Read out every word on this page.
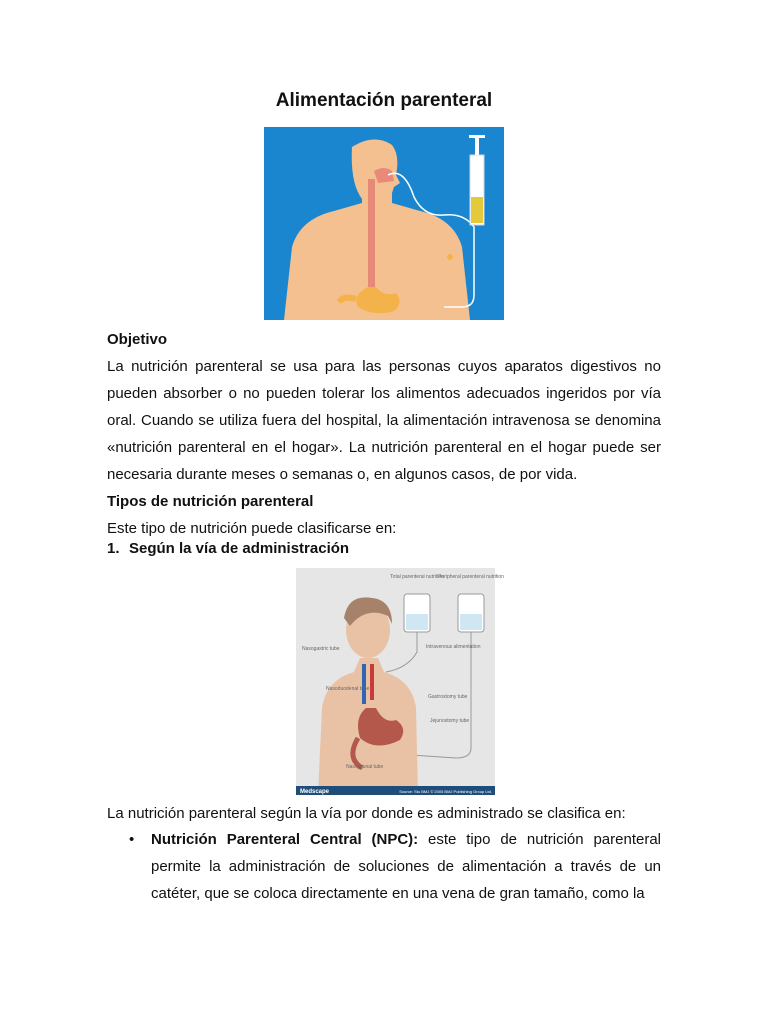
Alimentación parenteral

Objetivo

La nutrición parenteral se usa para las personas cuyos aparatos digestivos no pueden absorber o no pueden tolerar los alimentos adecuados ingeridos por vía oral. Cuando se utiliza fuera del hospital, la alimentación intravenosa se denomina «nutrición parenteral en el hogar». La nutrición parenteral en el hogar puede ser necesaria durante meses o semanas o, en algunos casos, de por vida.

Tipos de nutrición parenteral

Este tipo de nutrición puede clasificarse en:

1. Según la vía de administración
Total parenteral nutrition
Peripheral parenteral nutrition
Nasogastric tube	Intravenous alimentation
Nasoduodenal tube
Gastrostomy tube
Jejunostomy tube
Nasojejunal tube
Medscape	Source: Stu BMJ © 2005 BMJ Publishing Group Ltd.
La nutrición parenteral según la vía por donde es administrado se clasifica en:
• Nutrición Parenteral Central (NPC): este tipo de nutrición parenteral permite la administración de soluciones de alimentación a través de un catéter, que se coloca directamente en una vena de gran tamaño, como la
